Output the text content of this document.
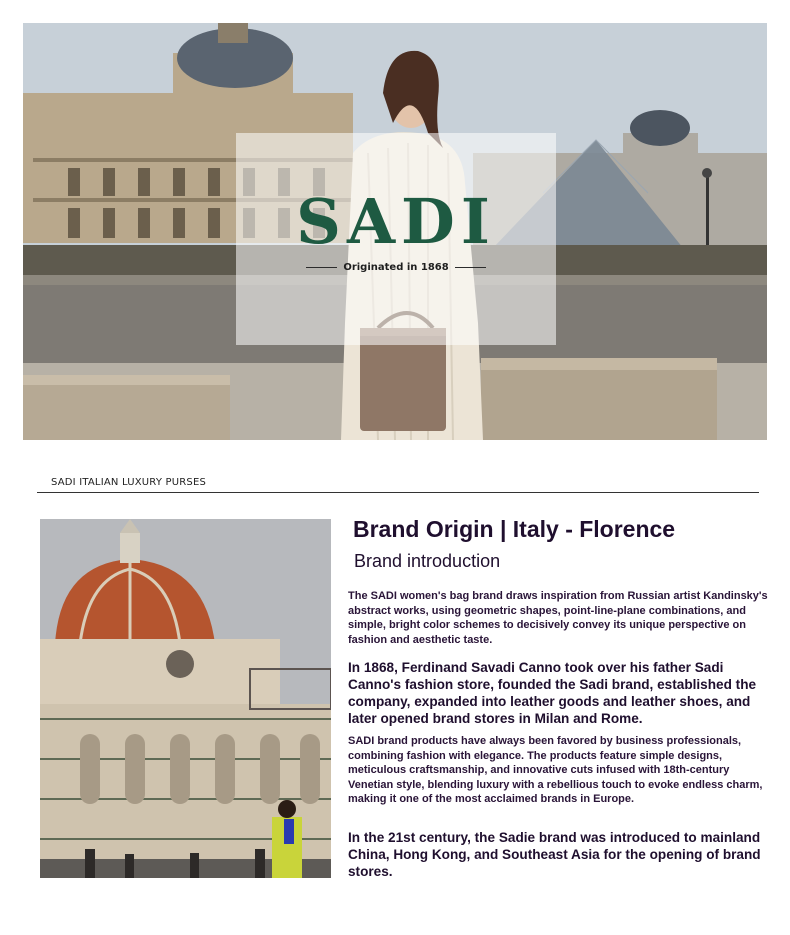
SADI
Originated in 1868
SADI ITALIAN LUXURY PURSES
Brand Origin | Italy - Florence
Brand introduction
The SADI women's bag brand draws inspiration from Russian artist Kandinsky's abstract works, using geometric shapes, point-line-plane combinations, and simple, bright color schemes to decisively convey its unique perspective on fashion and aesthetic taste.
In 1868, Ferdinand Savadi Canno took over his father Sadi Canno's fashion store, founded the Sadi brand, established the company, expanded into leather goods and leather shoes, and later opened brand stores in Milan and Rome.
SADI brand products have always been favored by business professionals, combining fashion with elegance. The products feature simple designs, meticulous craftsmanship, and innovative cuts infused with 18th-century Venetian style, blending luxury with a rebellious touch to evoke endless charm, making it one of the most acclaimed brands in Europe.
In the 21st century, the Sadie brand was introduced to mainland China, Hong Kong, and Southeast Asia for the opening of brand stores.
